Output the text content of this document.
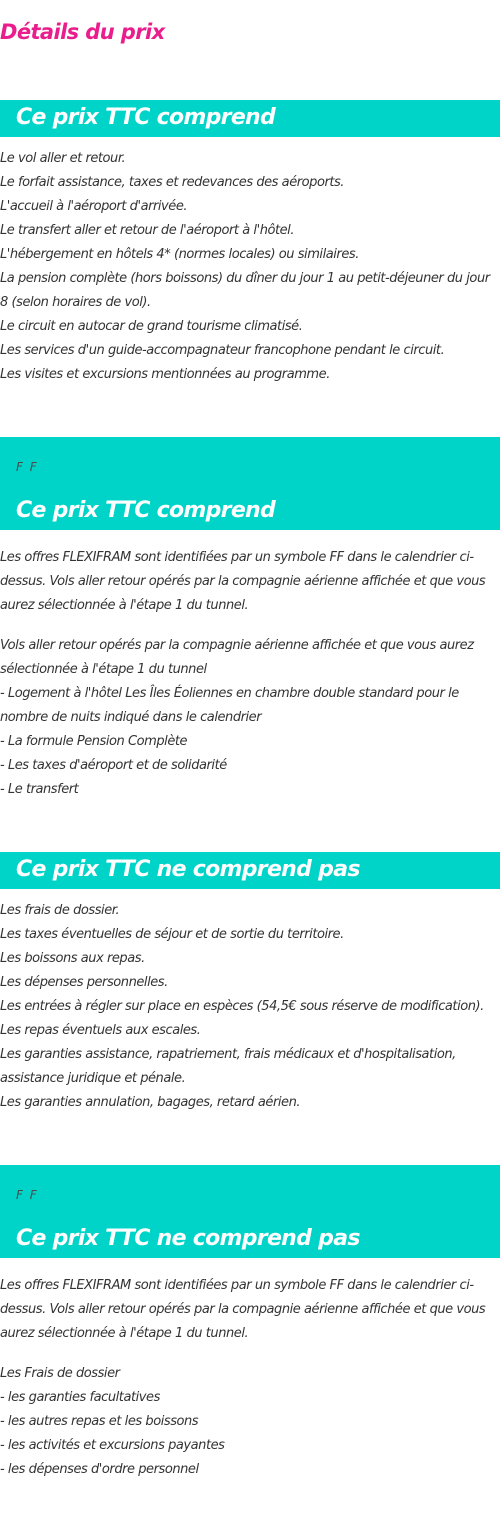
Détails du prix
Ce prix TTC comprend
Le vol aller et retour.
Le forfait assistance, taxes et redevances des aéroports.
L'accueil à l'aéroport d'arrivée.
Le transfert aller et retour de l'aéroport à l'hôtel.
L'hébergement en hôtels 4* (normes locales) ou similaires.
La pension complète (hors boissons) du dîner du jour 1 au petit-déjeuner du jour 8 (selon horaires de vol).
Le circuit en autocar de grand tourisme climatisé.
Les services d'un guide-accompagnateur francophone pendant le circuit.
Les visites et excursions mentionnées au programme.
F F
Ce prix TTC comprend

Les offres FLEXIFRAM sont identifiées par un symbole FF dans le calendrier ci-dessus. Vols aller retour opérés par la compagnie aérienne affichée et que vous aurez sélectionnée à l'étape 1 du tunnel.

Vols aller retour opérés par la compagnie aérienne affichée et que vous aurez sélectionnée à l'étape 1 du tunnel
- Logement à l'hôtel Les Îles Éoliennes en chambre double standard pour le nombre de nuits indiqué dans le calendrier
- La formule Pension Complète
- Les taxes d'aéroport et de solidarité
- Le transfert
Ce prix TTC ne comprend pas
Les frais de dossier.
Les taxes éventuelles de séjour et de sortie du territoire.
Les boissons aux repas.
Les dépenses personnelles.
Les entrées à régler sur place en espèces (54,5€ sous réserve de modification).
Les repas éventuels aux escales.
Les garanties assistance, rapatriement, frais médicaux et d'hospitalisation, assistance juridique et pénale.
Les garanties annulation, bagages, retard aérien.
F F
Ce prix TTC ne comprend pas

Les offres FLEXIFRAM sont identifiées par un symbole FF dans le calendrier ci-dessus. Vols aller retour opérés par la compagnie aérienne affichée et que vous aurez sélectionnée à l'étape 1 du tunnel.

Les Frais de dossier
- les garanties facultatives
- les autres repas et les boissons
- les activités et excursions payantes
- les dépenses d'ordre personnel
